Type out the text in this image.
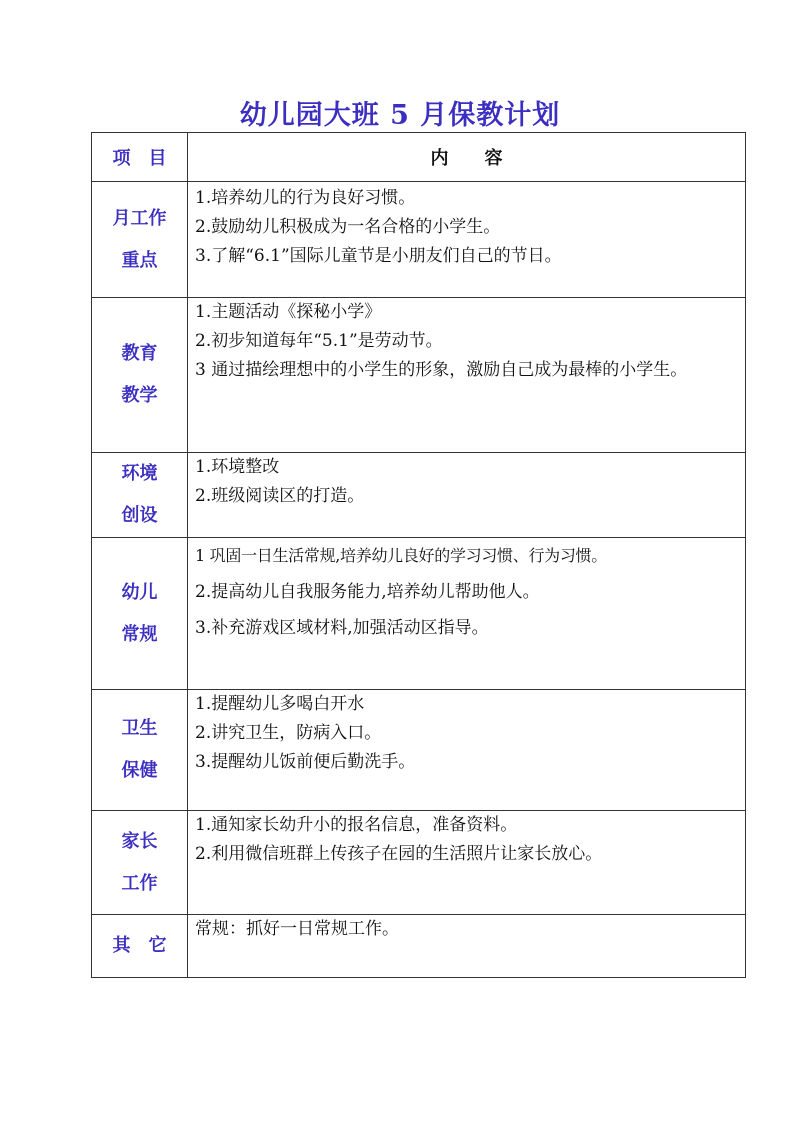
幼儿园大班 5 月保教计划
项　目	内　　容

月工作
重点	1.培养幼儿的行为良好习惯。
2.鼓励幼儿积极成为一名合格的小学生。
3.了解“6.1”国际儿童节是小朋友们自己的节日。

教育
教学	1.主题活动《探秘小学》
2.初步知道每年“5.1”是劳动节。
3 通过描绘理想中的小学生的形象，激励自己成为最棒的小学生。

环境
创设	1.环境整改
2.班级阅读区的打造。

幼儿
常规	1 巩固一日生活常规,培养幼儿良好的学习习惯、行为习惯。
2.提高幼儿自我服务能力,培养幼儿帮助他人。
3.补充游戏区域材料,加强活动区指导。

卫生
保健	1.提醒幼儿多喝白开水
2.讲究卫生，防病入口。
3.提醒幼儿饭前便后勤洗手。

家长
工作	1.通知家长幼升小的报名信息，准备资料。
2.利用微信班群上传孩子在园的生活照片让家长放心。

其　它	常规：抓好一日常规工作。
